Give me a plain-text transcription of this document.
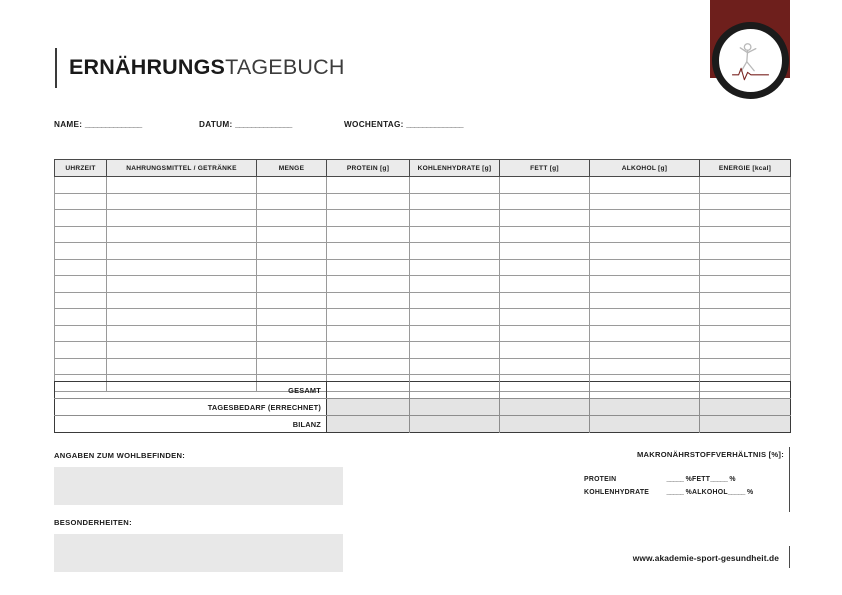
AKADEMIE
ERNÄHRUNGSTAGEBUCH
NAME: ______________	DATUM: ______________	WOCHENTAG: ______________
UHRZEIT	NAHRUNGSMITTEL / GETRÄNKE	MENGE	PROTEIN [g]	KOHLENHYDRATE [g]	FETT [g]	ALKOHOL [g]	ENERGIE [kcal]

GESAMT					
TAGESBEDARF (ERRECHNET)					
BILANZ					
ANGABEN ZUM WOHLBEFINDEN:
BESONDERHEITEN:
MAKRONÄHRSTOFFVERHÄLTNIS [%]:
PROTEIN	_____ % FETT _____ %
KOHLENHYDRATE	_____ % ALKOHOL _____ %
www.akademie-sport-gesundheit.de
